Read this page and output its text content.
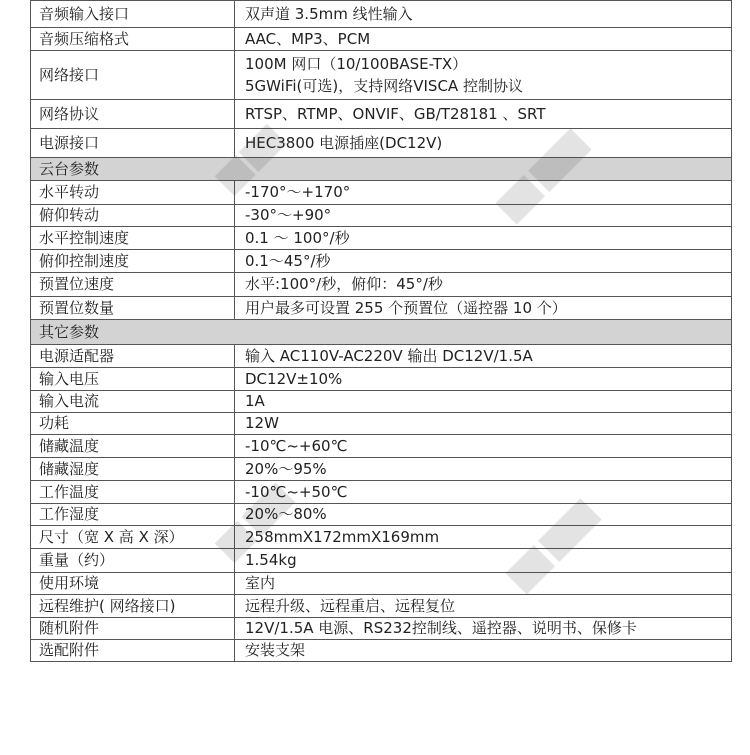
音频输入接口	双声道 3.5mm 线性输入
音频压缩格式	AAC、MP3、PCM
网络接口	100M 网口（10/100BASE-TX）
5GWiFi(可选)，支持网络VISCA 控制协议

网络协议	RTSP、RTMP、ONVIF、GB/T28181 、SRT
电源接口	HEC3800 电源插座(DC12V)
云台参数	
水平转动	-170°～+170°
俯仰转动	-30°～+90°
水平控制速度	0.1 ～ 100°/秒
俯仰控制速度	0.1～45°/秒
预置位速度	水平:100°/秒，俯仰：45°/秒
预置位数量	用户最多可设置 255 个预置位（遥控器 10 个）
其它参数	
电源适配器	输入 AC110V-AC220V 输出 DC12V/1.5A
输入电压	DC12V±10%
输入电流	1A
功耗	12W
储藏温度	-10℃~+60℃
储藏湿度	20%～95%
工作温度	-10℃~+50℃
工作湿度	20%～80%
尺寸（宽 X 高 X 深）	258mmX172mmX169mm
重量（约）	1.54kg
使用环境	室内
远程维护( 网络接口)	远程升级、远程重启、远程复位
随机附件	12V/1.5A 电源、RS232控制线、遥控器、说明书、保修卡
选配附件	安装支架
